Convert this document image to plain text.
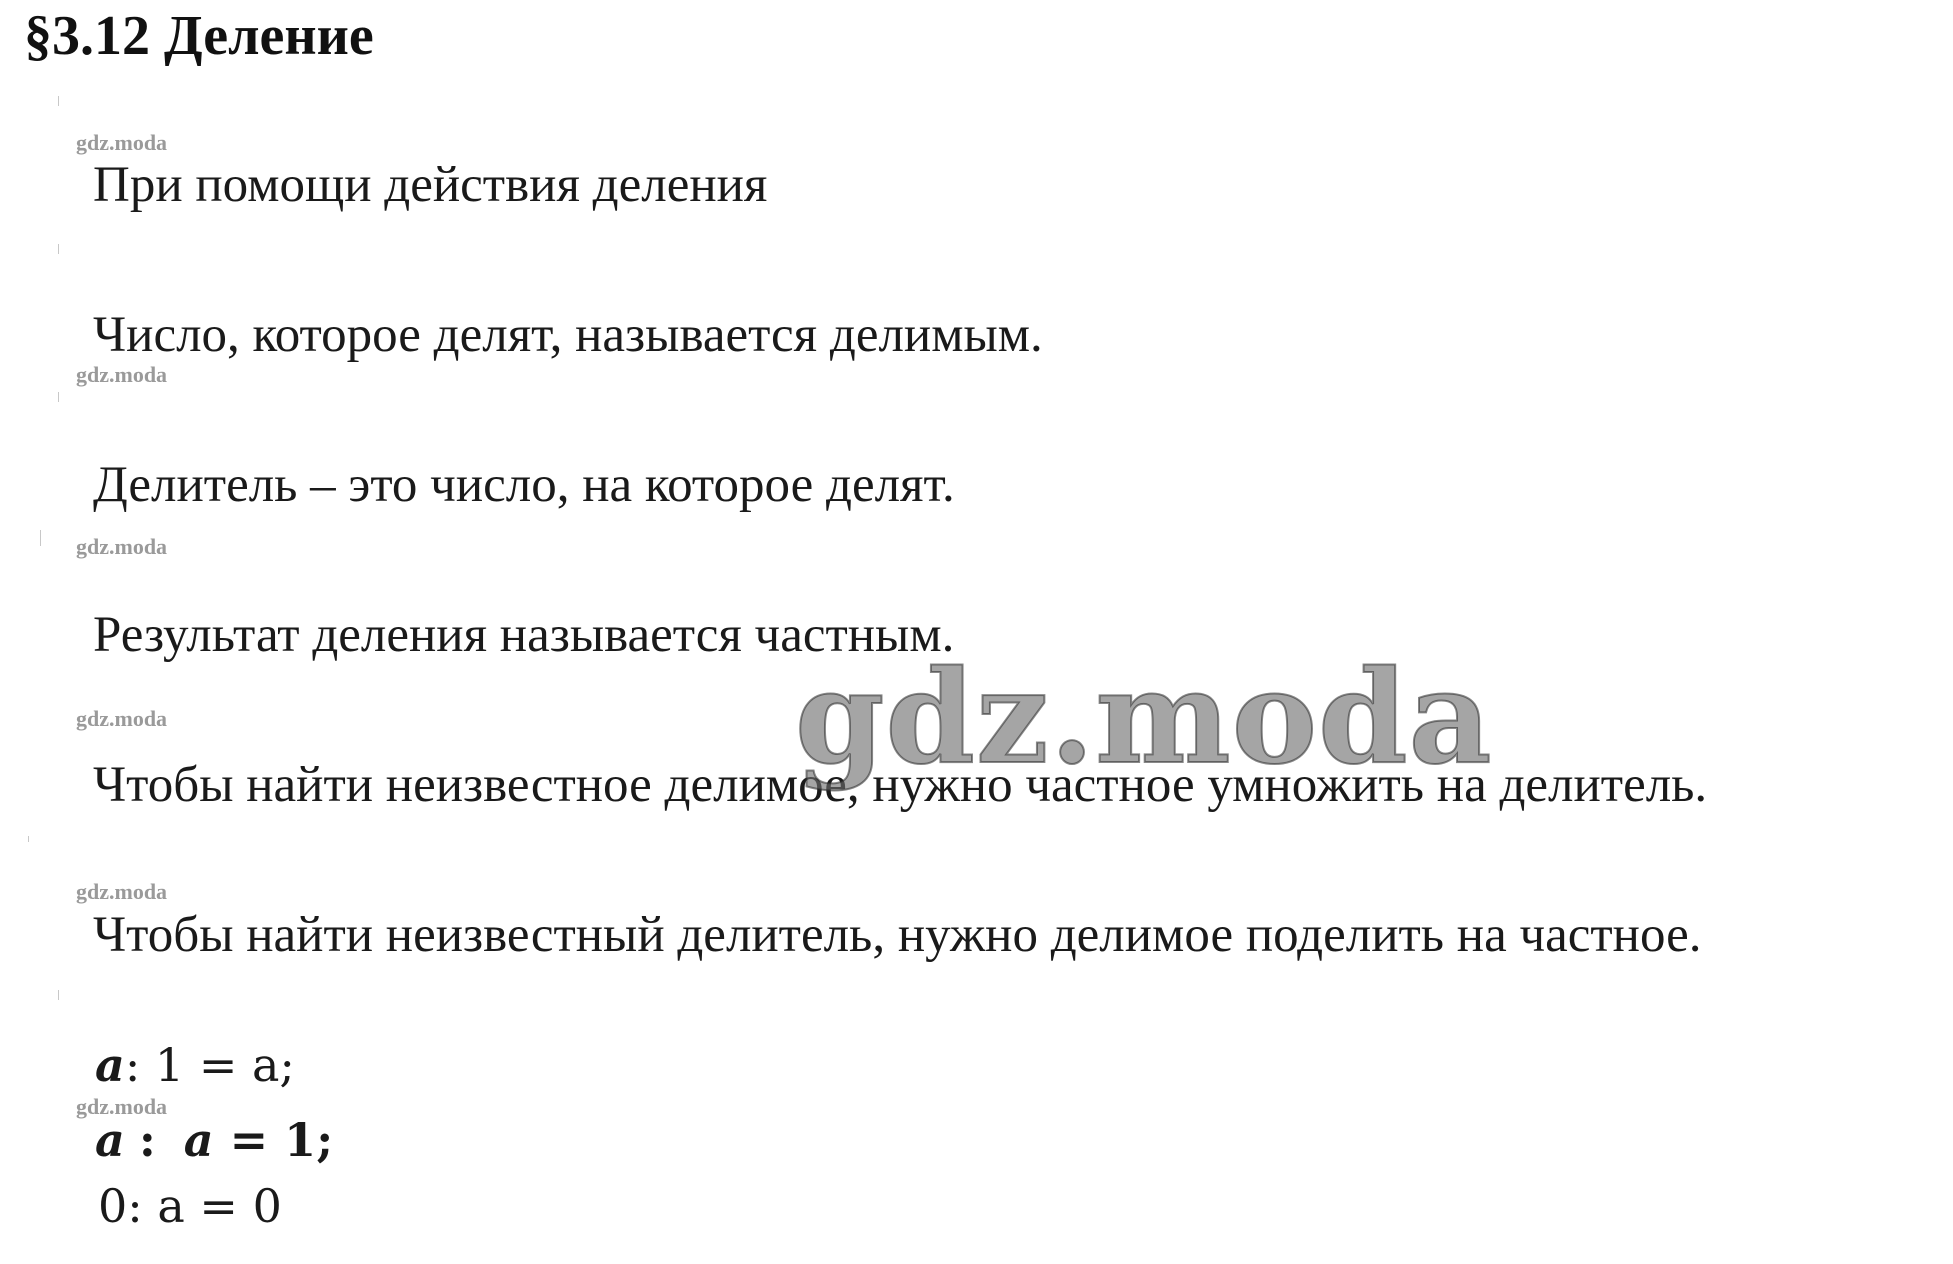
§3.12 Деление
gdz.moda
gdz.moda
gdz.moda
gdz.moda
gdz.moda
gdz.moda
При помощи действия деления
Число, которое делят, называется делимым.
Делитель – это число, на которое делят.
Результат деления называется частным.
Чтобы найти неизвестное делимое, нужно частное умножить на делитель.
Чтобы найти неизвестный делитель, нужно делимое поделить на частное.
a: 1 = a;
a : a = 1;
0: a = 0
gdz.moda
